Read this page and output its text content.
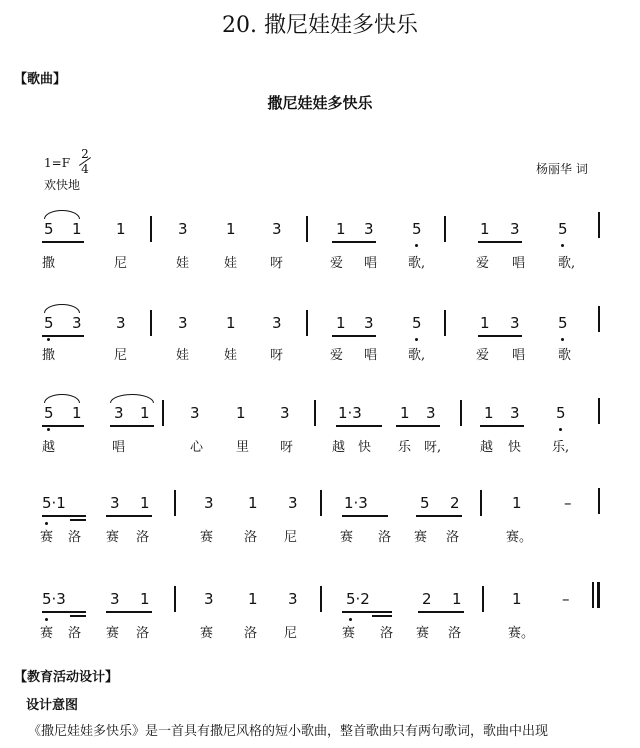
20. 撒尼娃娃多快乐
【歌曲】
撒尼娃娃多快乐
1=F
2
4
欢快地
杨丽华 词
5 1 1	3	1 3	1 3	5	1 3	5
撒	尼	娃	娃	呀	爱 唱 歌,	爱 唱	歌,
5 3 3	3	1 3	1 3	5	1 3	5
撒	尼	娃	娃	呀	爱 唱 歌,	爱 唱	歌
5 1 3 1	3 1 3	1·3	1 3	1 3 5
越	唱	心	里 呀	越 快 乐 呀,	越 快 乐,
5·1	3 1	3 1 3	1·3	5 2	1	–
赛 洛 赛 洛	赛 洛 尼	赛 洛 赛 洛	赛。
5·3	3 1	3 1 3	5·2	2 1	1	–
赛 洛 赛 洛	赛 洛 尼	赛 洛 赛 洛	赛。
【教育活动设计】
设计意图
《撒尼娃娃多快乐》是一首具有撒尼风格的短小歌曲，整首歌曲只有两句歌词，歌曲中出现
